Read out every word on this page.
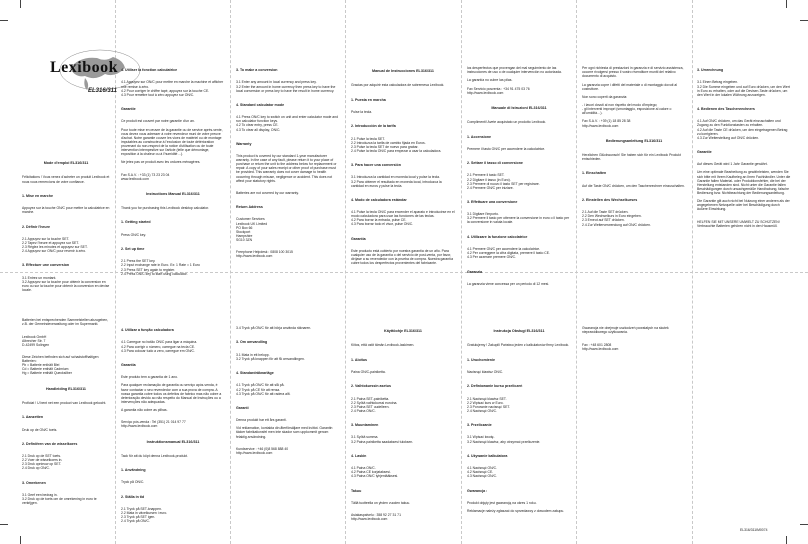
Lexibook
EL316/311

Mode d'emploi EL316/311

Félicitations ! Vous venez d'acheter un produit Lexibook et nous vous remercions de votre confiance.

1. Mise en marche

Appuyez sur la touche ON/C pour mettre la calculatrice en marche.

2. Définir l'heure

2.1 Appuyez sur la touche SET.
2.2 Tapez l'heure et appuyez sur SET.
2.3 Réglez les minutes et appuyez sur SET.
2.4 Appuyez sur ON/C pour revenir à zéro.

3. Effectuer une conversion

3.1 Entrez un montant.
3.2 Appuyez sur la touche pour obtenir la conversion en euro ou sur la touche pour obtenir la conversion en devise locale.

4. Utiliser la fonction calculatrice

4.1 Appuyez sur ON/C pour mettre en marche la machine et afficher une remise à zéro.
4.2 Pour corriger le chiffre tapé, appuyez sur la touche CE.
4.3 Pour remettre tout à zéro appuyez sur ON/C.

Garantie

Ce produit est couvert par notre garantie d'un an.

Pour toute mise en œuvre de la garantie ou de service après-vente, vous devez vous adresser à votre revendeur muni de votre preuve d'achat. Notre garantie couvre les vices de matériel ou de montage imputables au constructeur à l'exclusion de toute détérioration provenant du non-respect de la notice d'utilisation ou de toute intervention intempestive sur l'article (telle que démontage, exposition à la chaleur ou à l'humidité…).

Ne jetez pas ce produit avec les ordures ménagères.

Fax S.A.V. : +33 (1) 73 23 23 04
www.lexibook.com

Instructions Manual EL316/311

Thank you for purchasing this Lexibook desktop calculator.

1. Getting started

Press ON/C key.

2. Set up time

2.1 Press the SET key.
2.2 Input exchange rate in Euro. Ex: 1 Rate = 1 Euro
2.3 Press SET key again to register.
2.4 Press ON/C key to start using calculator.

3. To make a conversion

3.1 Enter any amount in local currency and press key.
3.2 Enter the amount in home currency then press key to have the local conversion or press key to have the result in home currency.

4. Standard calculator mode

4.1 Press ON/C key to switch on unit and enter calculator mode and run calculator function keys.
4.2 To clear entry, press CE.
4.3 To clear all display, ON/C.

Warranty

This product is covered by our standard 1-year manufacturer warranty. In the case of any fault, please return it to your place of purchase or return the unit to the address below for replacement or repair. A copy of your sales receipt or other proof of purchase must be provided. This warranty does not cover damage to health occurring through misuse, negligence or accident. This does not affect your statutory rights.

Batteries are not covered by our warranty.

Return Address

Customer Services
Lexibook UK Limited
PO Box 66
Stockport
Hampshire
SG10 3ZN

Freephone Helpdesk : 0808 100 3015
http://www.lexibook.com

Manual de Instrucciones EL316/311

Gracias por adquirir esta calculadora de sobremesa Lexibook.

1. Puesta en marcha

Pulse la tecla.

2. Introducción de la tarifa

2.1 Pulse la tecla SET.
2.2 Introduzca la tarifa de cambio fijada en Euros.
2.3 Pulse la tecla SET de nuevo para grabar.
2.4 Pulse la tecla ON/C para empezar a usar la calculadora.

3. Para hacer una conversión

3.1 Introduzca la cantidad en moneda local y pulse la tecla.
3.2 Para obtener el resultado en moneda local, introduzca la cantidad en euros y pulse la tecla.

4. Modo de calculadora estándar

4.1 Pulse la tecla ON/C para encender el aparato e introducirse en el modo calculadora para usar las funciones de las teclas.
4.2 Para borrar la entrada, pulse CE.
4.3 Para borrar todo el visor, pulse ON/C.

Garantía

Este producto está cubierto por nuestra garantía de un año. Para cualquier uso de la garantía o del servicio de post-venta, por favor, diríjase a su revendedor con la prueba de compra. Nuestra garantía cubre todos los desperfectos provenientes del fabricante.

los desperfectos que provengan del mal seguimiento de las instrucciones de uso o de cualquier intervención no autorizada.

La garantía no cubre las pilas.

Fax Servicio posventa : +34 91 475 03 76
http://www.lexibook.com

Manuale di Istruzioni EL316/311

Complimenti! Avete acquistato un prodotto Lexibook.

1. Accensione

Premere il tasto ON/C per accendere la calcolatrice.

2. Settare il tasso di conversione

2.1 Premere il tasto SET.
2.2 Digitare il tasso (in Euro).
2.3 Premere di nuovo il tasto SET per registrare.
2.4 Premere ON/C per iniziare.

3. Effettuare una conversione

3.1 Digitare l'importo.
3.2 Premere il tasto per ottenere la conversione in euro o il tasto per la conversione in valuta locale.

4. Utilizzare la funzione calcolatrice

4.1 Premere ON/C per accendere la calcolatrice.
4.2 Per correggere la cifra digitata, premere il tasto CE.
4.3 Per azzerare premere ON/C.

Garanzia

La garanzia viene concessa per un periodo di 12 mesi.

Per ogni richiesta di prestazioni in garanzia e di servizio assistenza, occorre rivolgersi presso il vostro rivenditore muniti del relativo documento di acquisto.

La garanzia copre i difetti del materiale o di montaggio dovuti al costruttore.

Non sono coperti da garanzia:

- i lavori dovuti al non rispetto del modo d'impiego;
- gli interventi impropri (smontaggio, esposizione al calore o all'umidità…).

Fax S.A.V. : +39 (1) 18 85 28 38
http://www.lexibook.com

Bedienungsanleitung EL316/311

Herzlichen Glückwunsch! Sie haben sich für ein Lexibook Produkt entschieden.

1. Einschalten

Auf die Taste ON/C drücken, um den Taschenrechner einzuschalten.

2. Einstellen des Wechselkurses

2.1 Auf die Taste SET drücken.
2.2 Den Wechselkurs in Euro eingeben.
2.3 Erneut auf SET drücken.
2.4 Zur Weiterverwendung auf ON/C drücken.

3. Umrechnung

3.1 Einen Betrag eingeben.
3.2 Die Summe eingeben und auf Euro drücken, um den Wert in Euro zu erhalten, oder auf die Devisen-Taste drücken, um den Wert in der lokalen Währung anzuzeigen.

4. Bedienen des Taschenrechners

4.1 Auf ON/C drücken, um das Gerät einzuschalten und Zugang zu den Funktionstasten zu erhalten.
4.2 Auf die Taste CE drücken, um den eingetragenen Betrag zu korrigieren.
4.3 Zur Weiterstellung auf ON/C drücken.

Garantie

Auf dieses Gerät wird 1 Jahr Garantie gewährt.

Um eine optimale Bearbeitung zu gewährleisten, wenden Sie sich bitte mit Ihrem Kaufbeleg an Ihren Fachhändler. Unter die Garantie fallen Material- oder Produktionsfehler, die bei der Herstellung entstanden sind. Nicht unter die Garantie fallen Beschädigungen durch unsachgemäße Handhabung, falsche Bedienung bzw. Nichtbeachtung der Bedienungsanleitung.

Die Garantie gilt auch nicht bei Nutzung einer anderen als der angegebenen Netzquelle oder bei Beschädigung durch äußere Einwirkung.

HELFEN SIE MIT UNSERE UMWELT ZU SCHÜTZEN! Verbrauchte Batterien gehören nicht in den Hausmüll.

Batterien bei entsprechenden Sammelstellen abzugeben, z.B. der Gemeindeverwaltung oder im Supermarkt.

Lexibook GmbH
Albrecher Str. 7
D-42499 Solingen

Diese Zeichen befinden sich auf schadstoffhaltigen Batterien:
Pb = Batterie enthält Blei
Cd = Batterie enthält Cadmium
Hg = Batterie enthält Quecksilber

Handleiding EL316/311

Proficiat ! U bent net een product van Lexibook gekocht.

1. Aanzetten

Druk op de ON/C toets.

2. Definiëren van de wisselkoers

2.1 Druk op de SET toets.
2.2 Voer de wisselkoers in.
2.3 Druk opnieuw op SET.
2.4 Druk op ON/C.

3. Omrekenen

3.1 Geef een bedrag in.
3.2 Druk op de toets om de omrekening in euro te verkrijgen.

4. Utilizar a função calculadora

4.1 Carregue no botão ON/C para ligar a máquina.
4.2 Para corrigir o número, carregue na tecla CE.
4.3 Para colocar tudo a zero, carregue em ON/C.

Garantia

Este produto tem a garantia de 1 ano.

Para qualquer reclamação de garantia ou serviço após-venda, é favor contactar o seu revendedor com a sua prova de compra. A nossa garantia cobre todos os defeitos de fabrico mas não cobre a deterioração devido ao não respeito do Manual de Instruções ou a intervenções não adequadas.

A garantia não cobre as pilhas.

Serviço pós-venda : Tel (351) 21 014 97 77
http://www.lexibook.com

Instruktionsmanual EL316/311

Tack för att du köpt denna Lexibook-produkt.

1. Användning

Tryck på ON/C.

2. Ställa in tid

2.1 Tryck på SET-knappen.
2.2 Mata in växelkursen i euro.
2.3 Tryck på SET igen.
2.4 Tryck på ON/C.

3.4 Tryck på ON/C för att börja använda räknaren.

3. Om omvandling

3.1 Mata in ett belopp.
3.2 Tryck på knappen för att få omvandlingen.

4. Standardräknarläge

4.1 Tryck på ON/C för att slå på.
4.2 Tryck på CE för att rensa.
4.3 Tryck på ON/C för att radera allt.

Garanti

Denna produkt har ett års garanti.

Vid reklamation, kontakta din återförsäljare med kvittot. Garantin täcker fabrikationsfel men inte skador som uppkommit genom felaktig användning.

Kundservice : +46 (0)8 568 888 40
http://www.lexibook.com

Käyttöohje EL316/311

Kiitos, että ostit tämän Lexibook-laskimen.

1. Aloitus

Paina ON/C-painiketta.

2. Vaihtokurssin asetus

2.1 Paina SET-painiketta.
2.2 Syötä vaihtokurssi euroina.
2.3 Paina SET uudelleen.
2.4 Paina ON/C.

3. Muuntaminen

3.1 Syötä summa.
3.2 Paina painiketta saadaksesi tuloksen.

4. Laskin

4.1 Paina ON/C.
4.2 Paina CE korjataksesi.
4.3 Paina ON/C tyhjentääksesi.

Takuu

Tällä tuotteella on yhden vuoden takuu.

Asiakaspalvelu : 358 92 27 31 71
http://www.lexibook.com

Instrukcja Obsługi EL316/311

Gratulujemy ! Zakupili Państwo jeden z kalkulatorów firmy Lexibook.

1. Uruchomienie

Nacisnąć klawisz ON/C.

2. Definiowanie kursu przeliczeń

2.1 Nacisnąć klawisz SET.
2.2 Wpisać kurs w Euro.
2.3 Ponownie nacisnąć SET.
2.4 Nacisnąć ON/C.

3. Przeliczanie

3.1 Wpisać kwotę.
3.2 Nacisnąć klawisz, aby otrzymać przeliczenie.

4. Używanie kalkulatora

4.1 Nacisnąć ON/C.
4.2 Nacisnąć CE.
4.3 Nacisnąć ON/C.

Gwarancja :

Produkt objęty jest gwarancją na okres 1 roku.

Reklamacje należy zgłaszać do sprzedawcy z dowodem zakupu.

Gwarancja nie obejmuje uszkodzeń powstałych na skutek nieprawidłowego użytkowania.

Fax : +48 601 2808
http://www.lexibook.com

EL316/311IM0074
